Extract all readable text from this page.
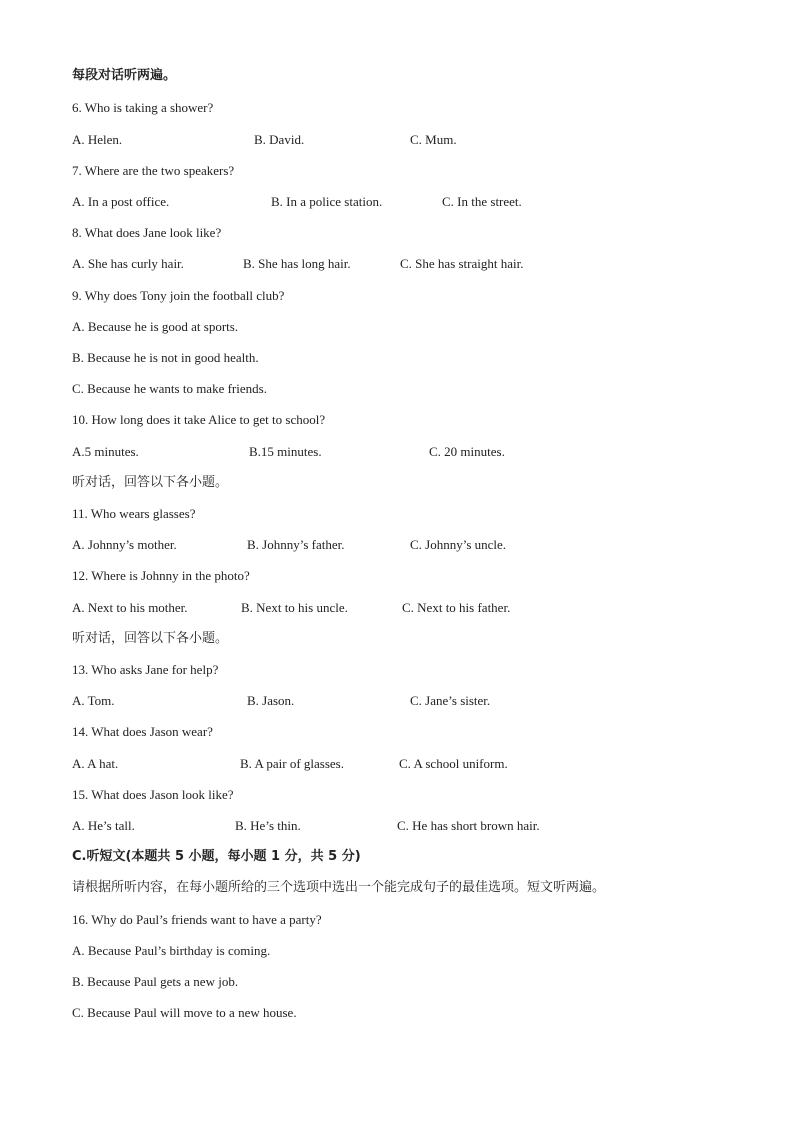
每段对话听两遍。
6. Who is taking a shower?
A. Helen.	B. David.	C. Mum.
7. Where are the two speakers?
A. In a post office.	B. In a police station.	C. In the street.
8. What does Jane look like?
A. She has curly hair.	B. She has long hair.	C. She has straight hair.
9. Why does Tony join the football club?
A. Because he is good at sports.
B. Because he is not in good health.
C. Because he wants to make friends.
10. How long does it take Alice to get to school?
A.5 minutes.	B.15 minutes.	C. 20 minutes.
听对话，回答以下各小题。
11. Who wears glasses?
A. Johnny’s mother.	B. Johnny’s father.	C. Johnny’s uncle.
12. Where is Johnny in the photo?
A. Next to his mother.	B. Next to his uncle.	C. Next to his father.
听对话，回答以下各小题。
13. Who asks Jane for help?
A. Tom.	B. Jason.	C. Jane’s sister.
14. What does Jason wear?
A. A hat.	B. A pair of glasses.	C. A school uniform.
15. What does Jason look like?
A. He’s tall.	B. He’s thin.	C. He has short brown hair.
C.听短文(本题共 5 小题，每小题 1 分，共 5 分)
请根据所听内容，在每小题所给的三个选项中选出一个能完成句子的最佳选项。短文听两遍。
16. Why do Paul’s friends want to have a party?
A. Because Paul’s birthday is coming.
B. Because Paul gets a new job.
C. Because Paul will move to a new house.
